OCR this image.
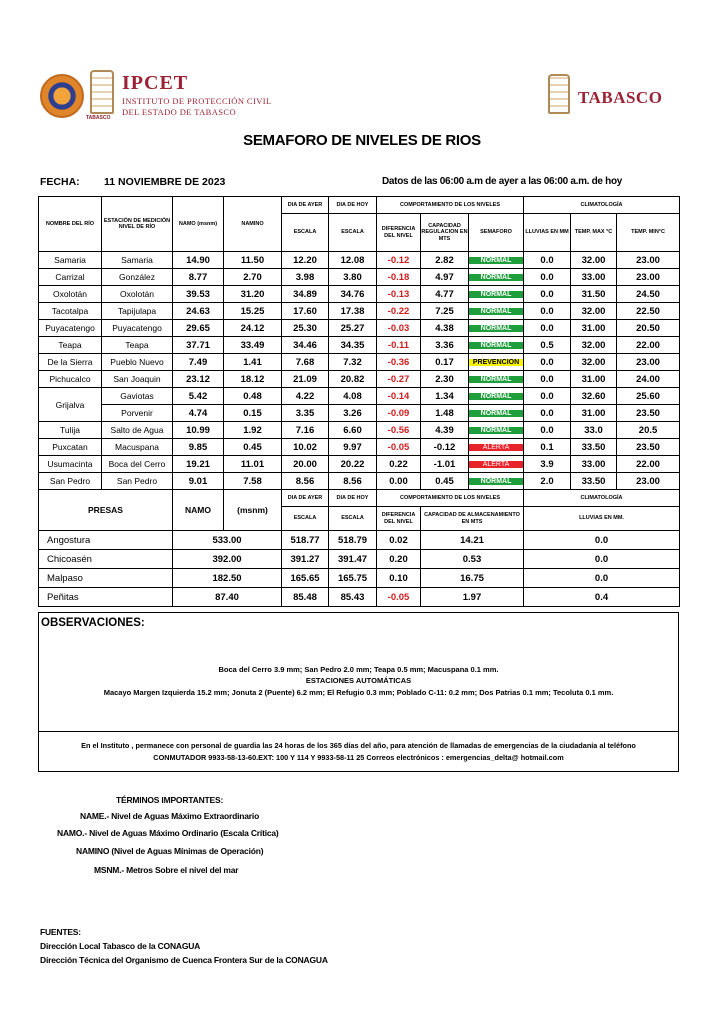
TABASCO
IPCET
INSTITUTO DE PROTECCIÓN CIVIL
DEL ESTADO DE TABASCO
TABASCO
SEMAFORO DE NIVELES DE RIOS
FECHA: 11 NOVIEMBRE DE 2023	Datos de las 06:00 a.m de ayer a las 06:00 a.m. de hoy
NOMBRE DEL RÍO	ESTACIÓN DE MEDICIÓN NIVEL DE RÍO	NAMO (msnm)	NAMINO	DIA DE AYER	DIA DE HOY	COMPORTAMIENTO DE LOS NIVELES			CLIMATOLOGÍA		
				ESCALA	ESCALA	DIFERENCIA DEL NIVEL	CAPACIDAD REGULACION EN MTS	SEMAFORO	LLUVIAS EN MM	TEMP. MAX °C	TEMP. MIN°C
Samaria	Samaria	14.90	11.50	12.20	12.08	-0.12	2.82	NORMAL	0.0	32.00	23.00
Carrizal	González	8.77	2.70	3.98	3.80	-0.18	4.97	NORMAL	0.0	33.00	23.00
Oxolotán	Oxolotán	39.53	31.20	34.89	34.76	-0.13	4.77	NORMAL	0.0	31.50	24.50
Tacotalpa	Tapijulapa	24.63	15.25	17.60	17.38	-0.22	7.25	NORMAL	0.0	32.00	22.50
Puyacatengo	Puyacatengo	29.65	24.12	25.30	25.27	-0.03	4.38	NORMAL	0.0	31.00	20.50
Teapa	Teapa	37.71	33.49	34.46	34.35	-0.11	3.36	NORMAL	0.5	32.00	22.00
De la Sierra	Pueblo Nuevo	7.49	1.41	7.68	7.32	-0.36	0.17	PREVENCION	0.0	32.00	23.00
Pichucalco	San Joaquin	23.12	18.12	21.09	20.82	-0.27	2.30	NORMAL	0.0	31.00	24.00
Grijalva	Gaviotas	5.42	0.48	4.22	4.08	-0.14	1.34	NORMAL	0.0	32.60	25.60
	Porvenir	4.74	0.15	3.35	3.26	-0.09	1.48	NORMAL	0.0	31.00	23.50
Tulija	Salto de Agua	10.99	1.92	7.16	6.60	-0.56	4.39	NORMAL	0.0	33.0	20.5
Puxcatan	Macuspana	9.85	0.45	10.02	9.97	-0.05	-0.12	ALERTA	0.1	33.50	23.50
Usumacinta	Boca del Cerro	19.21	11.01	20.00	20.22	0.22	-1.01	ALERTA	3.9	33.00	22.00
San Pedro	San Pedro	9.01	7.58	8.56	8.56	0.00	0.45	NORMAL	2.0	33.50	23.00
PRESAS		NAMO	(msnm)	DIA DE AYER	DIA DE HOY	COMPORTAMIENTO DE LOS NIVELES			CLIMATOLOGÍA		
				ESCALA	ESCALA	DIFERENCIA DEL NIVEL	CAPACIDAD DE ALMACENAMIENTO EN MTS		LLUVIAS EN MM.		
Angostura		533.00		518.77	518.79	0.02	14.21		0.0		
Chicoasén		392.00		391.27	391.47	0.20	0.53		0.0		
Malpaso		182.50		165.65	165.75	0.10	16.75		0.0		
Peñitas		87.40		85.48	85.43	-0.05	1.97		0.4		
OBSERVACIONES:
Boca del Cerro 3.9 mm; San Pedro 2.0 mm; Teapa 0.5 mm; Macuspana 0.1 mm.
ESTACIONES AUTOMÁTICAS
Macayo Margen Izquierda 15.2 mm; Jonuta 2 (Puente) 6.2 mm; El Refugio 0.3 mm; Poblado C-11: 0.2 mm; Dos Patrias 0.1 mm; Tecoluta 0.1 mm.
En el Instituto , permanece con personal de guardia las 24 horas de los 365 días del año, para atención de llamadas de emergencias de la ciudadanía al teléfono
CONMUTADOR 9933-58-13-60.EXT: 100 Y 114 Y 9933-58-11 25 Correos electrónicos : emergencias_delta@ hotmail.com
TÉRMINOS IMPORTANTES:
NAME.- Nivel de Aguas Máximo Extraordinario
NAMO.- Nivel de Aguas Máximo Ordinario (Escala Crítica)
NAMINO (Nivel de Aguas Mínimas de Operación)
MSNM.- Metros Sobre el nivel del mar
FUENTES:
Dirección Local Tabasco de la CONAGUA
Dirección Técnica del Organismo de Cuenca Frontera Sur de la CONAGUA
